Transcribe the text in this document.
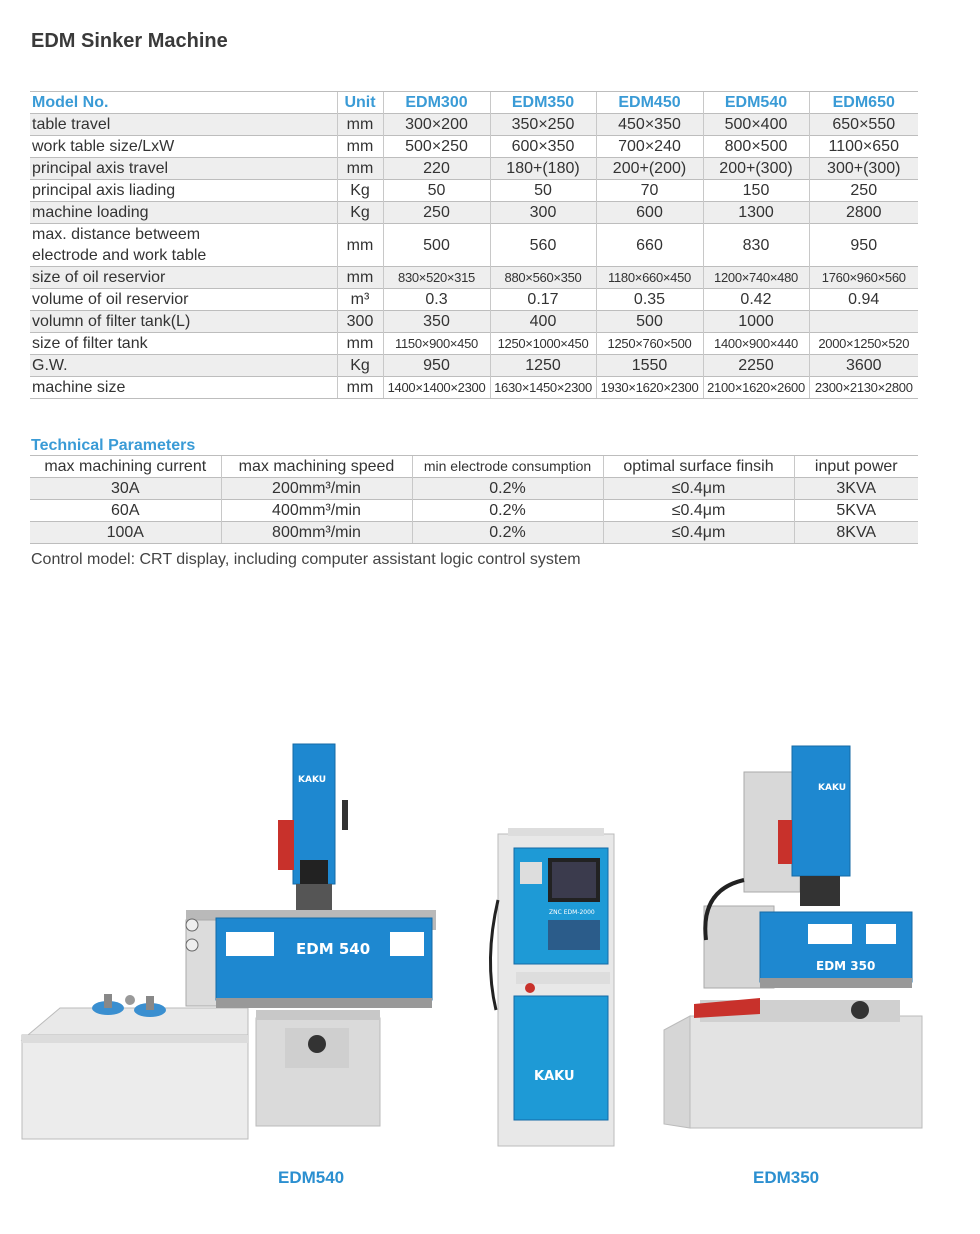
EDM Sinker Machine
Model No.	Unit	EDM300	EDM350	EDM450	EDM540	EDM650
table travel	mm	300×200	350×250	450×350	500×400	650×550
work table size/LxW	mm	500×250	600×350	700×240	800×500	1100×650
principal axis travel	mm	220	180+(180)	200+(200)	200+(300)	300+(300)
principal axis liading	Kg	50	50	70	150	250
machine loading	Kg	250	300	600	1300	2800
max. distance betweem electrode and work table	mm	500	560	660	830	950
size of oil reservior	mm	830×520×315	880×560×350	1180×660×450	1200×740×480	1760×960×560
volume of oil reservior	m³	0.3	0.17	0.35	0.42	0.94
volumn of filter tank(L)	300	350	400	500	1000	
size of filter tank	mm	1150×900×450	1250×1000×450	1250×760×500	1400×900×440	2000×1250×520
G.W.	Kg	950	1250	1550	2250	3600
machine size	mm	1400×1400×2300	1630×1450×2300	1930×1620×2300	2100×1620×2600	2300×2130×2800
Technical Parameters
max machining current	max machining speed	min electrode consumption	optimal surface finsih	input power
30A	200mm³/min	0.2%	≤0.4μm	3KVA
60A	400mm³/min	0.2%	≤0.4μm	5KVA
100A	800mm³/min	0.2%	≤0.4μm	8KVA
Control model: CRT display, including computer assistant logic control system
EDM 540
KAKU
ZNC EDM-2000
KAKU
EDM 350
KAKU
EDM540	EDM350
